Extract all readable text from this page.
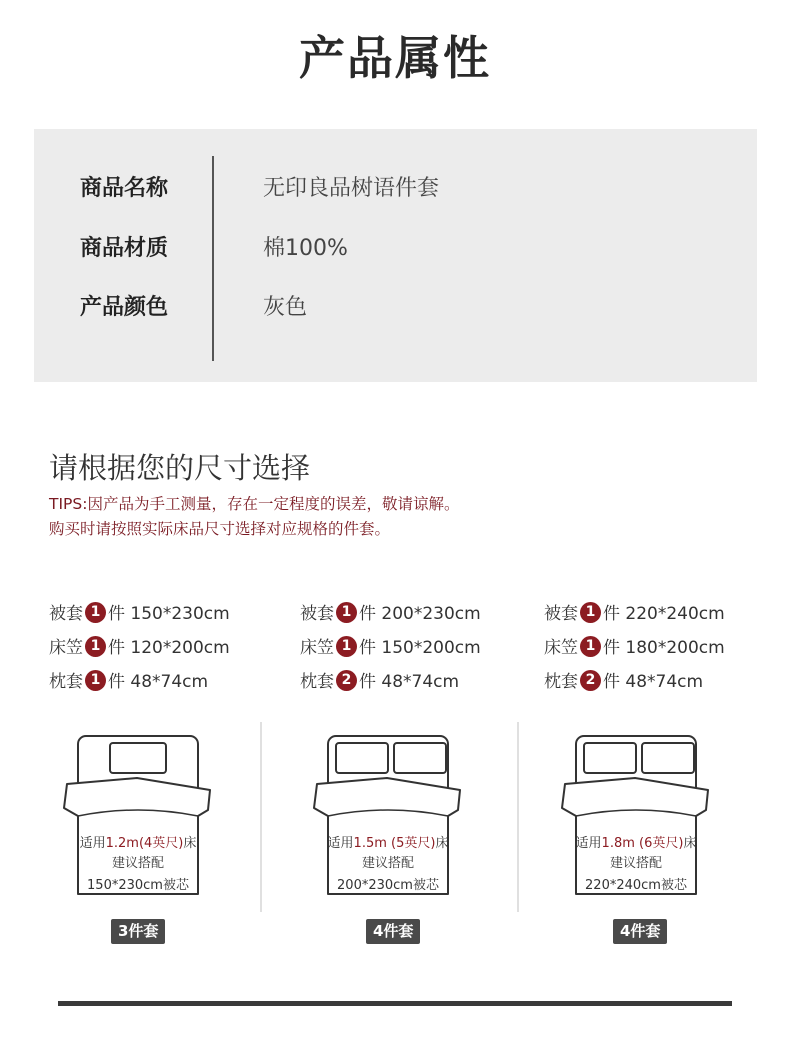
产品属性
商品名称	无印良品树语件套
商品材质	棉100%
产品颜色	灰色
请根据您的尺寸选择
TIPS:因产品为手工测量，存在一定程度的误差，敬请谅解。
购买时请按照实际床品尺寸选择对应规格的件套。
被套 1 件 150*230cm
床笠 1 件 120*200cm
枕套 1 件 48*74cm
被套 1 件 200*230cm
床笠 1 件 150*200cm
枕套 2 件 48*74cm
被套 1 件 220*240cm
床笠 1 件 180*200cm
枕套 2 件 48*74cm
适用1.2m(4英尺)床
建议搭配
150*230cm被芯
适用1.5m (5英尺)床
建议搭配
200*230cm被芯
适用1.8m (6英尺)床
建议搭配
220*240cm被芯
3件套	4件套	4件套
